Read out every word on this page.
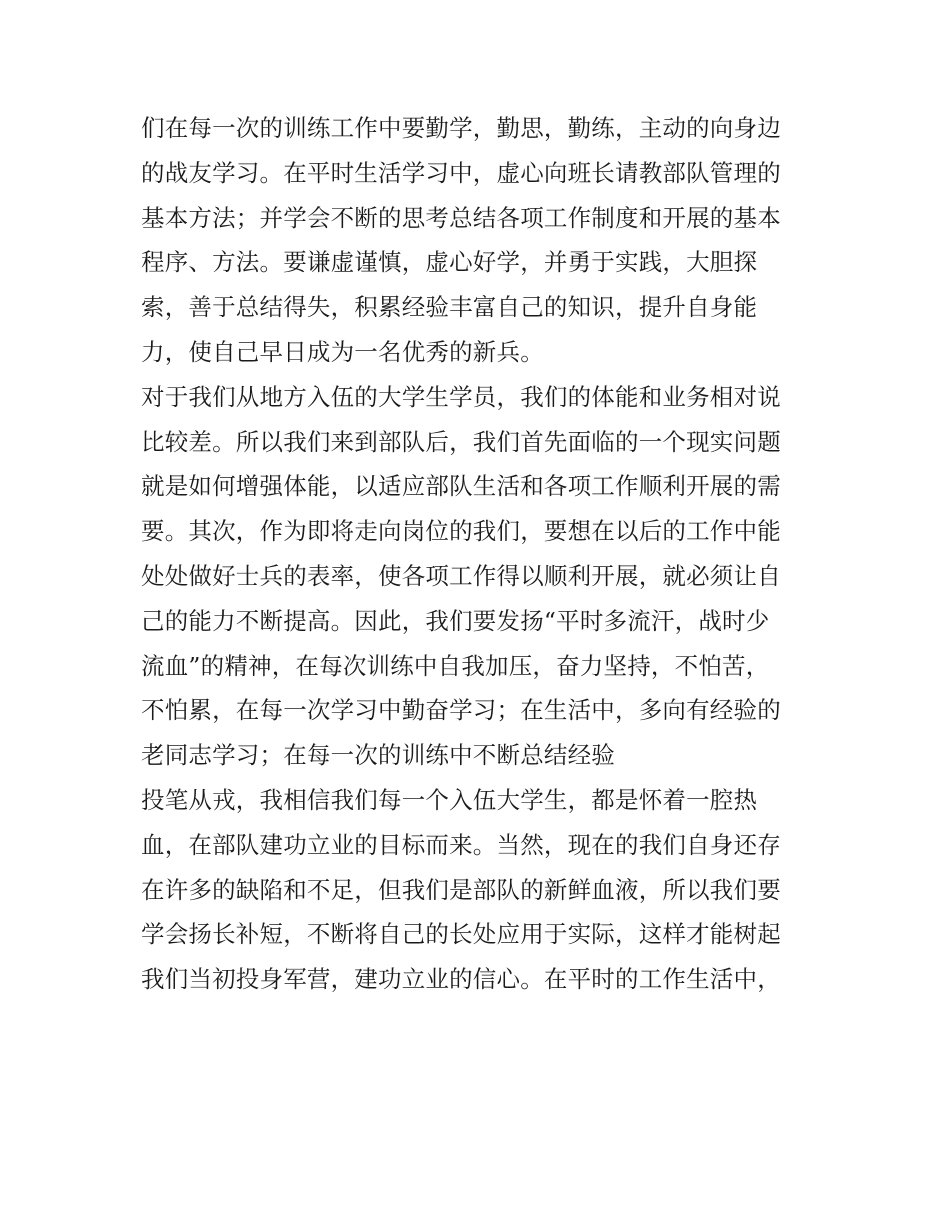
们在每一次的训练工作中要勤学，勤思，勤练，主动的向身边
的战友学习。在平时生活学习中，虚心向班长请教部队管理的
基本方法；并学会不断的思考总结各项工作制度和开展的基本
程序、方法。要谦虚谨慎，虚心好学，并勇于实践，大胆探
索，善于总结得失，积累经验丰富自己的知识，提升自身能
力，使自己早日成为一名优秀的新兵。
对于我们从地方入伍的大学生学员，我们的体能和业务相对说
比较差。所以我们来到部队后，我们首先面临的一个现实问题
就是如何增强体能，以适应部队生活和各项工作顺利开展的需
要。其次，作为即将走向岗位的我们，要想在以后的工作中能
处处做好士兵的表率，使各项工作得以顺利开展，就必须让自
己的能力不断提高。因此，我们要发扬“平时多流汗，战时少
流血”的精神，在每次训练中自我加压，奋力坚持，不怕苦，
不怕累，在每一次学习中勤奋学习；在生活中，多向有经验的
老同志学习；在每一次的训练中不断总结经验
投笔从戎，我相信我们每一个入伍大学生，都是怀着一腔热
血，在部队建功立业的目标而来。当然，现在的我们自身还存
在许多的缺陷和不足，但我们是部队的新鲜血液，所以我们要
学会扬长补短，不断将自己的长处应用于实际，这样才能树起
我们当初投身军营，建功立业的信心。在平时的工作生活中，
